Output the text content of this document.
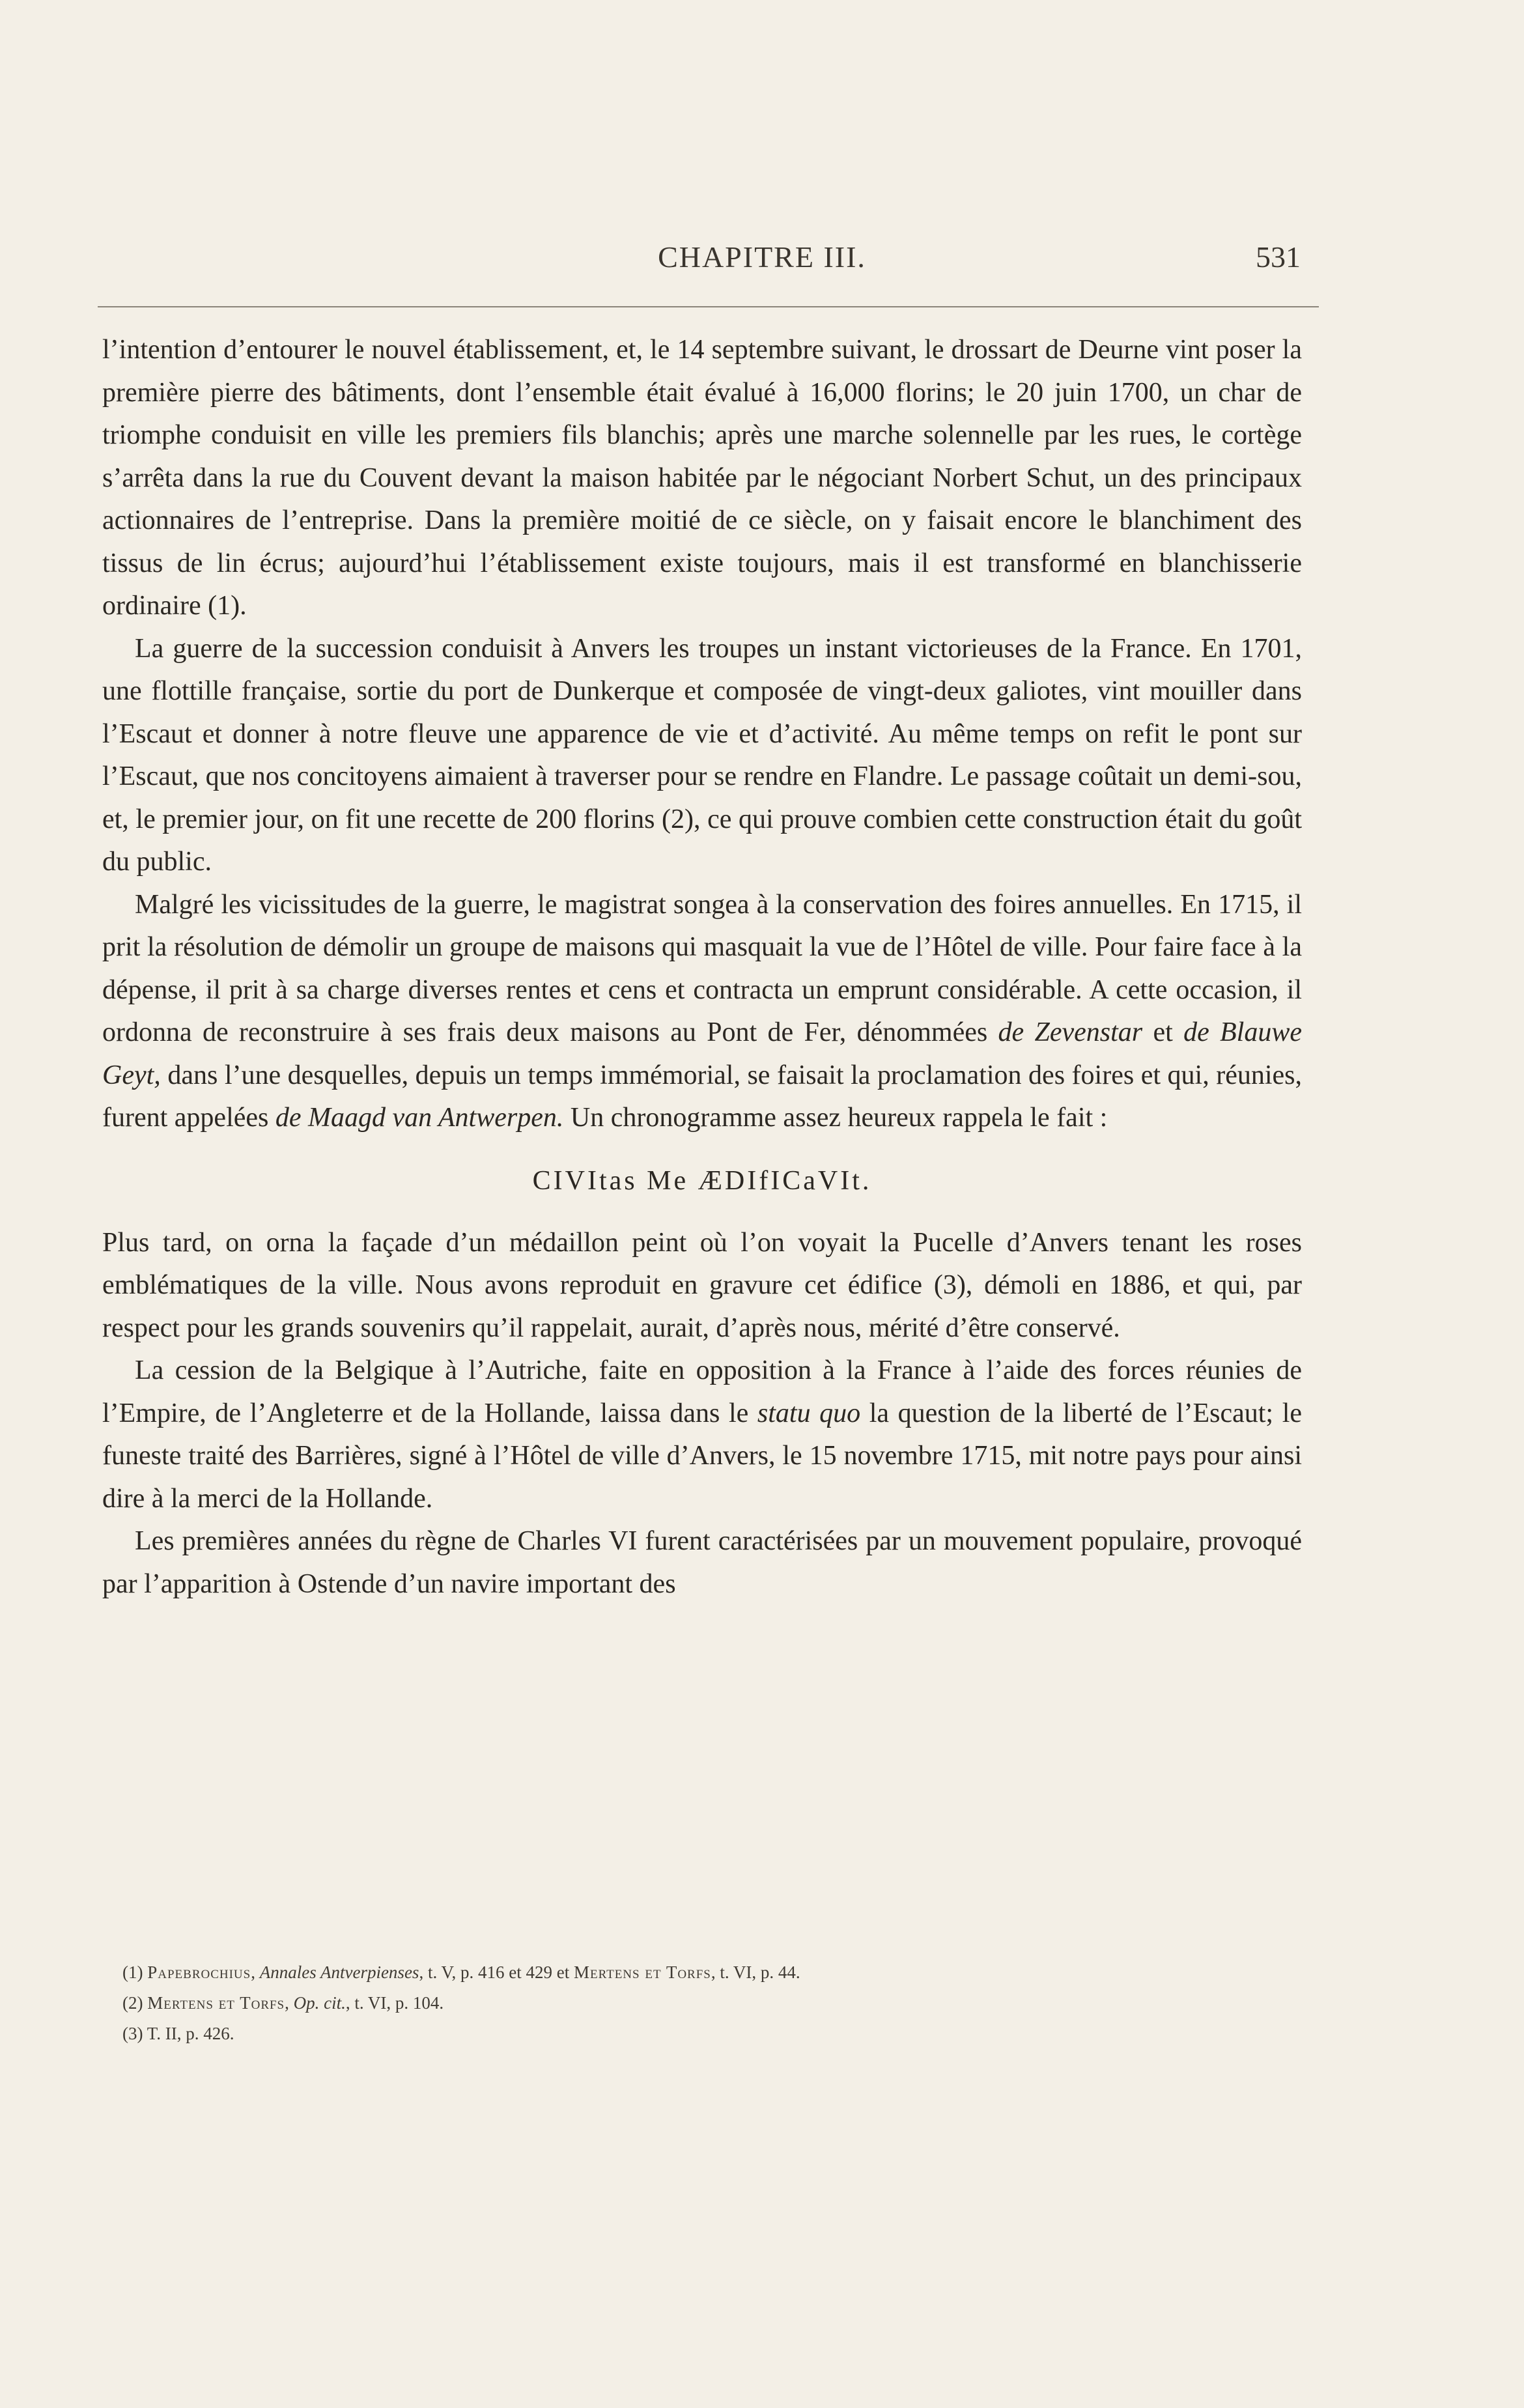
CHAPITRE III.	531

l’intention d’entourer le nouvel établissement, et, le 14 septembre suivant, le drossart de Deurne vint poser la première pierre des bâtiments, dont l’ensemble était évalué à 16,000 florins; le 20 juin 1700, un char de triomphe conduisit en ville les premiers fils blanchis; après une marche solennelle par les rues, le cortège s’arrêta dans la rue du Couvent devant la maison habitée par le négociant Norbert Schut, un des principaux actionnaires de l’entreprise. Dans la première moitié de ce siècle, on y faisait encore le blanchiment des tissus de lin écrus; aujourd’hui l’établissement existe toujours, mais il est transformé en blanchisserie ordinaire (1).

La guerre de la succession conduisit à Anvers les troupes un instant victorieuses de la France. En 1701, une flottille française, sortie du port de Dunkerque et composée de vingt-deux galiotes, vint mouiller dans l’Escaut et donner à notre fleuve une apparence de vie et d’activité. Au même temps on refit le pont sur l’Escaut, que nos concitoyens aimaient à traverser pour se rendre en Flandre. Le passage coûtait un demi-sou, et, le premier jour, on fit une recette de 200 florins (2), ce qui prouve combien cette construction était du goût du public.

Malgré les vicissitudes de la guerre, le magistrat songea à la conservation des foires annuelles. En 1715, il prit la résolution de démolir un groupe de maisons qui masquait la vue de l’Hôtel de ville. Pour faire face à la dépense, il prit à sa charge diverses rentes et cens et contracta un emprunt considérable. A cette occasion, il ordonna de reconstruire à ses frais deux maisons au Pont de Fer, dénommées de Zevenstar et de Blauwe Geyt, dans l’une desquelles, depuis un temps immémorial, se faisait la proclamation des foires et qui, réunies, furent appelées de Maagd van Antwerpen. Un chronogramme assez heureux rappela le fait :

CIVItas Me ÆDIfICaVIt.

Plus tard, on orna la façade d’un médaillon peint où l’on voyait la Pucelle d’Anvers tenant les roses emblématiques de la ville. Nous avons reproduit en gravure cet édifice (3), démoli en 1886, et qui, par respect pour les grands souvenirs qu’il rappelait, aurait, d’après nous, mérité d’être conservé.

La cession de la Belgique à l’Autriche, faite en opposition à la France à l’aide des forces réunies de l’Empire, de l’Angleterre et de la Hollande, laissa dans le statu quo la question de la liberté de l’Escaut; le funeste traité des Barrières, signé à l’Hôtel de ville d’Anvers, le 15 novembre 1715, mit notre pays pour ainsi dire à la merci de la Hollande.

Les premières années du règne de Charles VI furent caractérisées par un mouvement populaire, provoqué par l’apparition à Ostende d’un navire important des

(1) Papebrochius, Annales Antverpienses, t. V, p. 416 et 429 et Mertens et Torfs, t. VI, p. 44.
(2) Mertens et Torfs, Op. cit., t. VI, p. 104.
(3) T. II, p. 426.
